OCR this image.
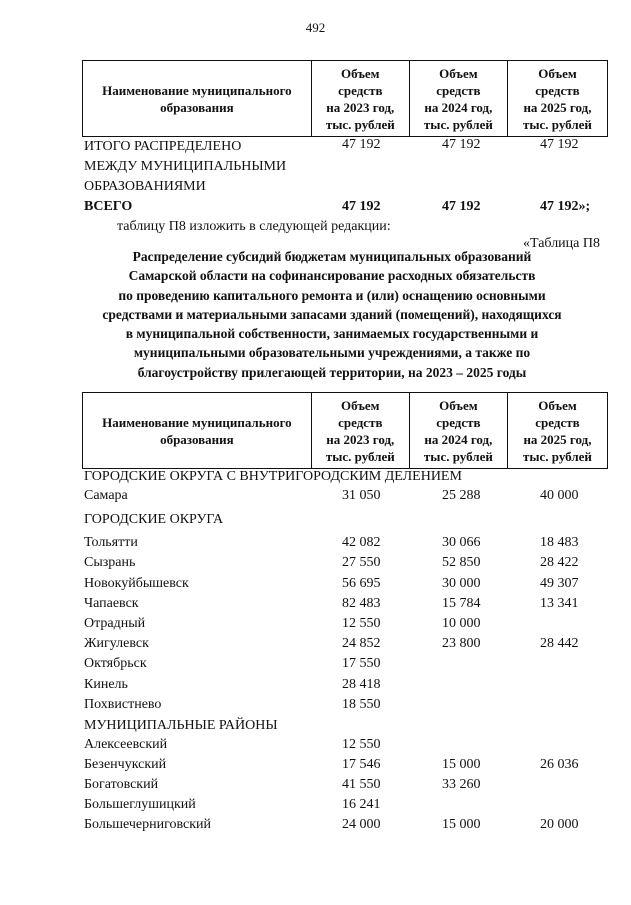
492
Наименование муниципального образования	
Объем
средств
на 2023 год,
тыс. рублей

Объем
средств
на 2024 год,
тыс. рублей

Объем
средств
на 2025 год,
тыс. рублей
ИТОГО РАСПРЕДЕЛЕНО
МЕЖДУ МУНИЦИПАЛЬНЫМИ
ОБРАЗОВАНИЯМИ
47 192	47 192	47 192
ВСЕГО	47 192	47 192	47 192»;
таблицу П8 изложить в следующей редакции:
«Таблица П8
Распределение субсидий бюджетам муниципальных образований
Самарской области на софинансирование расходных обязательств
по проведению капитального ремонта и (или) оснащению основными
средствами и материальными запасами зданий (помещений), находящихся
в муниципальной собственности, занимаемых государственными и
муниципальными образовательными учреждениями, а также по
благоустройству прилегающей территории, на 2023 – 2025 годы
Наименование муниципального образования	
Объем
средств
на 2023 год,
тыс. рублей

Объем
средств
на 2024 год,
тыс. рублей

Объем
средств
на 2025 год,
тыс. рублей
ГОРОДСКИЕ ОКРУГА С ВНУТРИГОРОДСКИМ ДЕЛЕНИЕМ
Самара	31 050	25 288	40 000
ГОРОДСКИЕ ОКРУГА
Тольятти	42 082	30 066	18 483
Сызрань	27 550	52 850	28 422
Новокуйбышевск	56 695	30 000	49 307
Чапаевск	82 483	15 784	13 341
Отрадный	12 550	10 000
Жигулевск	24 852	23 800	28 442
Октябрьск	17 550
Кинель	28 418
Похвистнево	18 550
МУНИЦИПАЛЬНЫЕ РАЙОНЫ
Алексеевский	12 550
Безенчукский	17 546	15 000	26 036
Богатовский	41 550	33 260
Большеглушицкий	16 241
Большечерниговский	24 000	15 000	20 000
